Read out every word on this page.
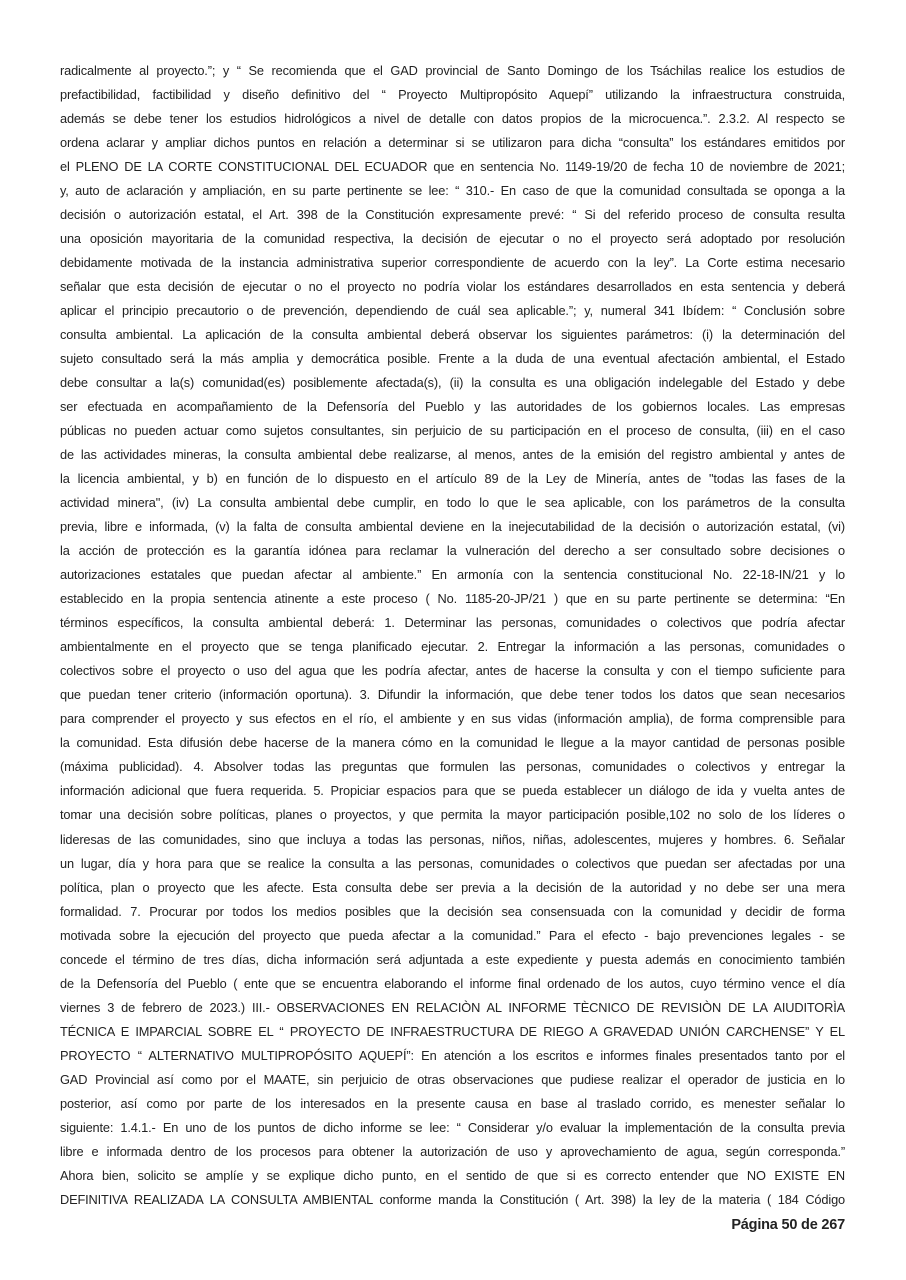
radicalmente al proyecto.”; y “ Se recomienda que el GAD provincial de Santo Domingo de los Tsáchilas realice los estudios de
prefactibilidad, factibilidad y diseño definitivo del “ Proyecto Multipropósito Aquepí” utilizando la infraestructura construida,
además se debe tener los estudios hidrológicos a nivel de detalle con datos propios de la microcuenca.”. 2.3.2. Al respecto se
ordena aclarar y ampliar dichos puntos en relación a determinar si se utilizaron para dicha “consulta” los estándares emitidos por
el PLENO DE LA CORTE CONSTITUCIONAL DEL ECUADOR que en sentencia No. 1149-19/20 de fecha 10 de noviembre de 2021;
y, auto de aclaración y ampliación, en su parte pertinente se lee: “ 310.- En caso de que la comunidad consultada se oponga a la
decisión o autorización estatal, el Art. 398 de la Constitución expresamente prevé: “ Si del referido proceso de consulta resulta
una oposición mayoritaria de la comunidad respectiva, la decisión de ejecutar o no el proyecto será adoptado por resolución
debidamente motivada de la instancia administrativa superior correspondiente de acuerdo con la ley”. La Corte estima necesario
señalar que esta decisión de ejecutar o no el proyecto no podría violar los estándares desarrollados en esta sentencia y deberá
aplicar el principio precautorio o de prevención, dependiendo de cuál sea aplicable.”; y, numeral 341 Ibídem: “ Conclusión sobre
consulta ambiental. La aplicación de la consulta ambiental deberá observar los siguientes parámetros: (i) la determinación del
sujeto consultado será la más amplia y democrática posible. Frente a la duda de una eventual afectación ambiental, el Estado
debe consultar a la(s) comunidad(es) posiblemente afectada(s), (ii) la consulta es una obligación indelegable del Estado y debe
ser efectuada en acompañamiento de la Defensoría del Pueblo y las autoridades de los gobiernos locales. Las empresas
públicas no pueden actuar como sujetos consultantes, sin perjuicio de su participación en el proceso de consulta, (iii) en el caso
de las actividades mineras, la consulta ambiental debe realizarse, al menos, antes de la emisión del registro ambiental y antes de
la licencia ambiental, y b) en función de lo dispuesto en el artículo 89 de la Ley de Minería, antes de "todas las fases de la
actividad minera", (iv) La consulta ambiental debe cumplir, en todo lo que le sea aplicable, con los parámetros de la consulta
previa, libre e informada, (v) la falta de consulta ambiental deviene en la inejecutabilidad de la decisión o autorización estatal, (vi)
la acción de protección es la garantía idónea para reclamar la vulneración del derecho a ser consultado sobre decisiones o
autorizaciones estatales que puedan afectar al ambiente.” En armonía con la sentencia constitucional No. 22-18-IN/21 y lo
establecido en la propia sentencia atinente a este proceso ( No. 1185-20-JP/21 ) que en su parte pertinente se determina: “En
términos específicos, la consulta ambiental deberá: 1. Determinar las personas, comunidades o colectivos que podría afectar
ambientalmente en el proyecto que se tenga planificado ejecutar. 2. Entregar la información a las personas, comunidades o
colectivos sobre el proyecto o uso del agua que les podría afectar, antes de hacerse la consulta y con el tiempo suficiente para
que puedan tener criterio (información oportuna). 3. Difundir la información, que debe tener todos los datos que sean necesarios
para comprender el proyecto y sus efectos en el río, el ambiente y en sus vidas (información amplia), de forma comprensible para
la comunidad. Esta difusión debe hacerse de la manera cómo en la comunidad le llegue a la mayor cantidad de personas posible
(máxima publicidad). 4. Absolver todas las preguntas que formulen las personas, comunidades o colectivos y entregar la
información adicional que fuera requerida. 5. Propiciar espacios para que se pueda establecer un diálogo de ida y vuelta antes de
tomar una decisión sobre políticas, planes o proyectos, y que permita la mayor participación posible,102 no solo de los líderes o
lideresas de las comunidades, sino que incluya a todas las personas, niños, niñas, adolescentes, mujeres y hombres. 6. Señalar
un lugar, día y hora para que se realice la consulta a las personas, comunidades o colectivos que puedan ser afectadas por una
política, plan o proyecto que les afecte. Esta consulta debe ser previa a la decisión de la autoridad y no debe ser una mera
formalidad. 7. Procurar por todos los medios posibles que la decisión sea consensuada con la comunidad y decidir de forma
motivada sobre la ejecución del proyecto que pueda afectar a la comunidad.” Para el efecto - bajo prevenciones legales - se
concede el término de tres días, dicha información será adjuntada a este expediente y puesta además en conocimiento también
de la Defensoría del Pueblo ( ente que se encuentra elaborando el informe final ordenado de los autos, cuyo término vence el día
viernes 3 de febrero de 2023.) III.- OBSERVACIONES EN RELACIÒN AL INFORME TÈCNICO DE REVISIÒN DE LA AIUDITORÌA
TÉCNICA E IMPARCIAL SOBRE EL “ PROYECTO DE INFRAESTRUCTURA DE RIEGO A GRAVEDAD UNIÓN CARCHENSE” Y EL
PROYECTO “ ALTERNATIVO MULTIPROPÓSITO AQUEPÍ”: En atención a los escritos e informes finales presentados tanto por el
GAD Provincial así como por el MAATE, sin perjuicio de otras observaciones que pudiese realizar el operador de justicia en lo
posterior, así como por parte de los interesados en la presente causa en base al traslado corrido, es menester señalar lo
siguiente: 1.4.1.- En uno de los puntos de dicho informe se lee: “ Considerar y/o evaluar la implementación de la consulta previa
libre e informada dentro de los procesos para obtener la autorización de uso y aprovechamiento de agua, según corresponda.”
Ahora bien, solicito se amplíe y se explique dicho punto, en el sentido de que si es correcto entender que NO EXISTE EN
DEFINITIVA REALIZADA LA CONSULTA AMBIENTAL conforme manda la Constitución ( Art. 398) la ley de la materia ( 184 Código
Página 50 de 267
